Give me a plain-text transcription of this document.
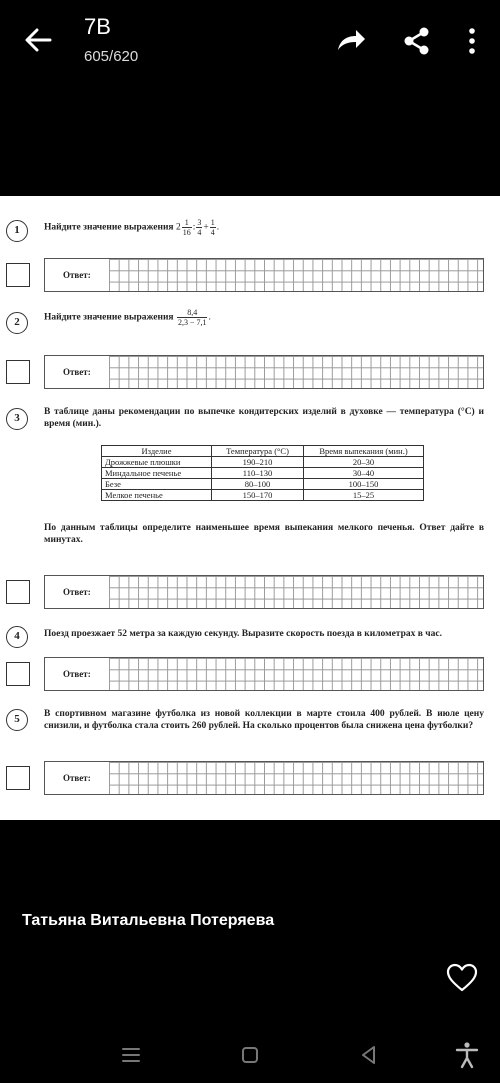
7B
605/620
1	Найдите значение выражения $2 \frac{1}{16}$ : $\frac{3}{4} + \frac{1}{4}$ .
Ответ:
2	Найдите значение выражения $\frac{8,4}{2,3 - 7,1}$ .
Ответ:
3	В таблице даны рекомендации по выпечке кондитерских изделий в духовке — температура (°С) и время (мин.).
Изделие	Температура (°С)	Время выпекания (мин.)
Дрожжевые плюшки	190–210	20–30
Миндальное печенье	110–130	30–40
Безе	80–100	100–150
Мелкое печенье	150–170	15–25
По данным таблицы определите наименьшее время выпекания мелкого печенья. Ответ дайте в минутах.
Ответ:
4	Поезд проезжает 52 метра за каждую секунду. Выразите скорость поезда в километрах в час.
Ответ:
5	В спортивном магазине футболка из новой коллекции в марте стоила 400 рублей. В июле цену снизили, и футболка стала стоить 260 рублей. На сколько процентов была снижена цена футболки?
Ответ:
Татьяна Витальевна Потеряева
